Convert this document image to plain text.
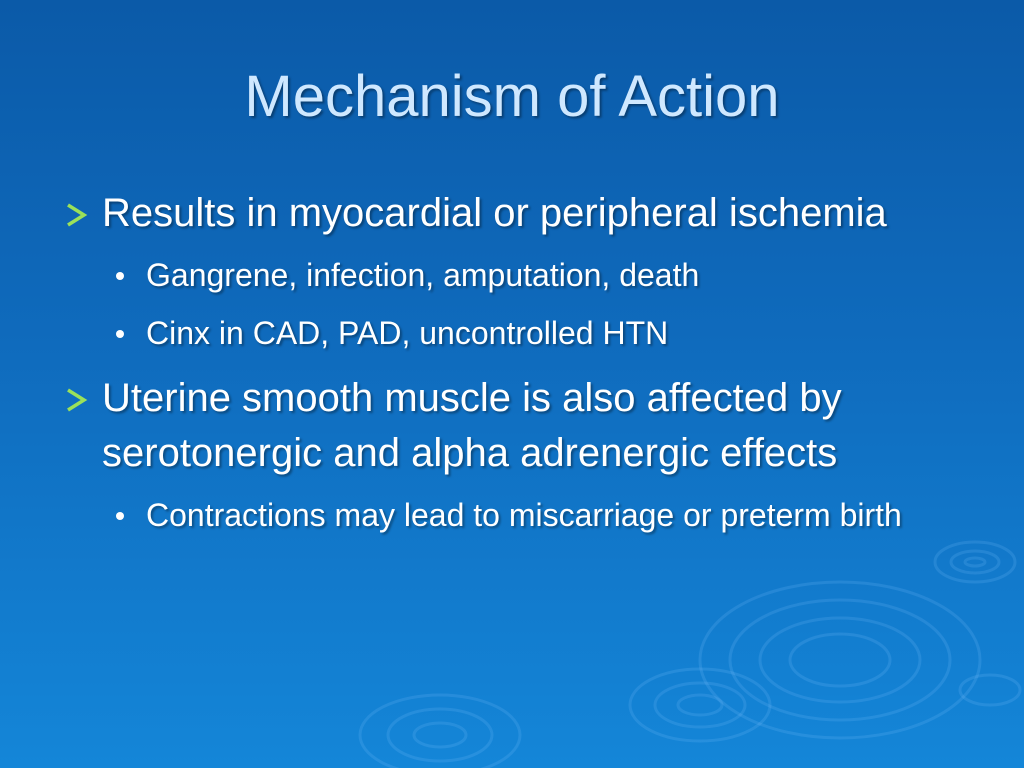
Mechanism of Action

Results in myocardial or peripheral ischemia

Gangrene, infection, amputation, death

Cinx in CAD, PAD, uncontrolled HTN

Uterine smooth muscle is also affected by serotonergic and alpha adrenergic effects

Contractions may lead to miscarriage or preterm birth
